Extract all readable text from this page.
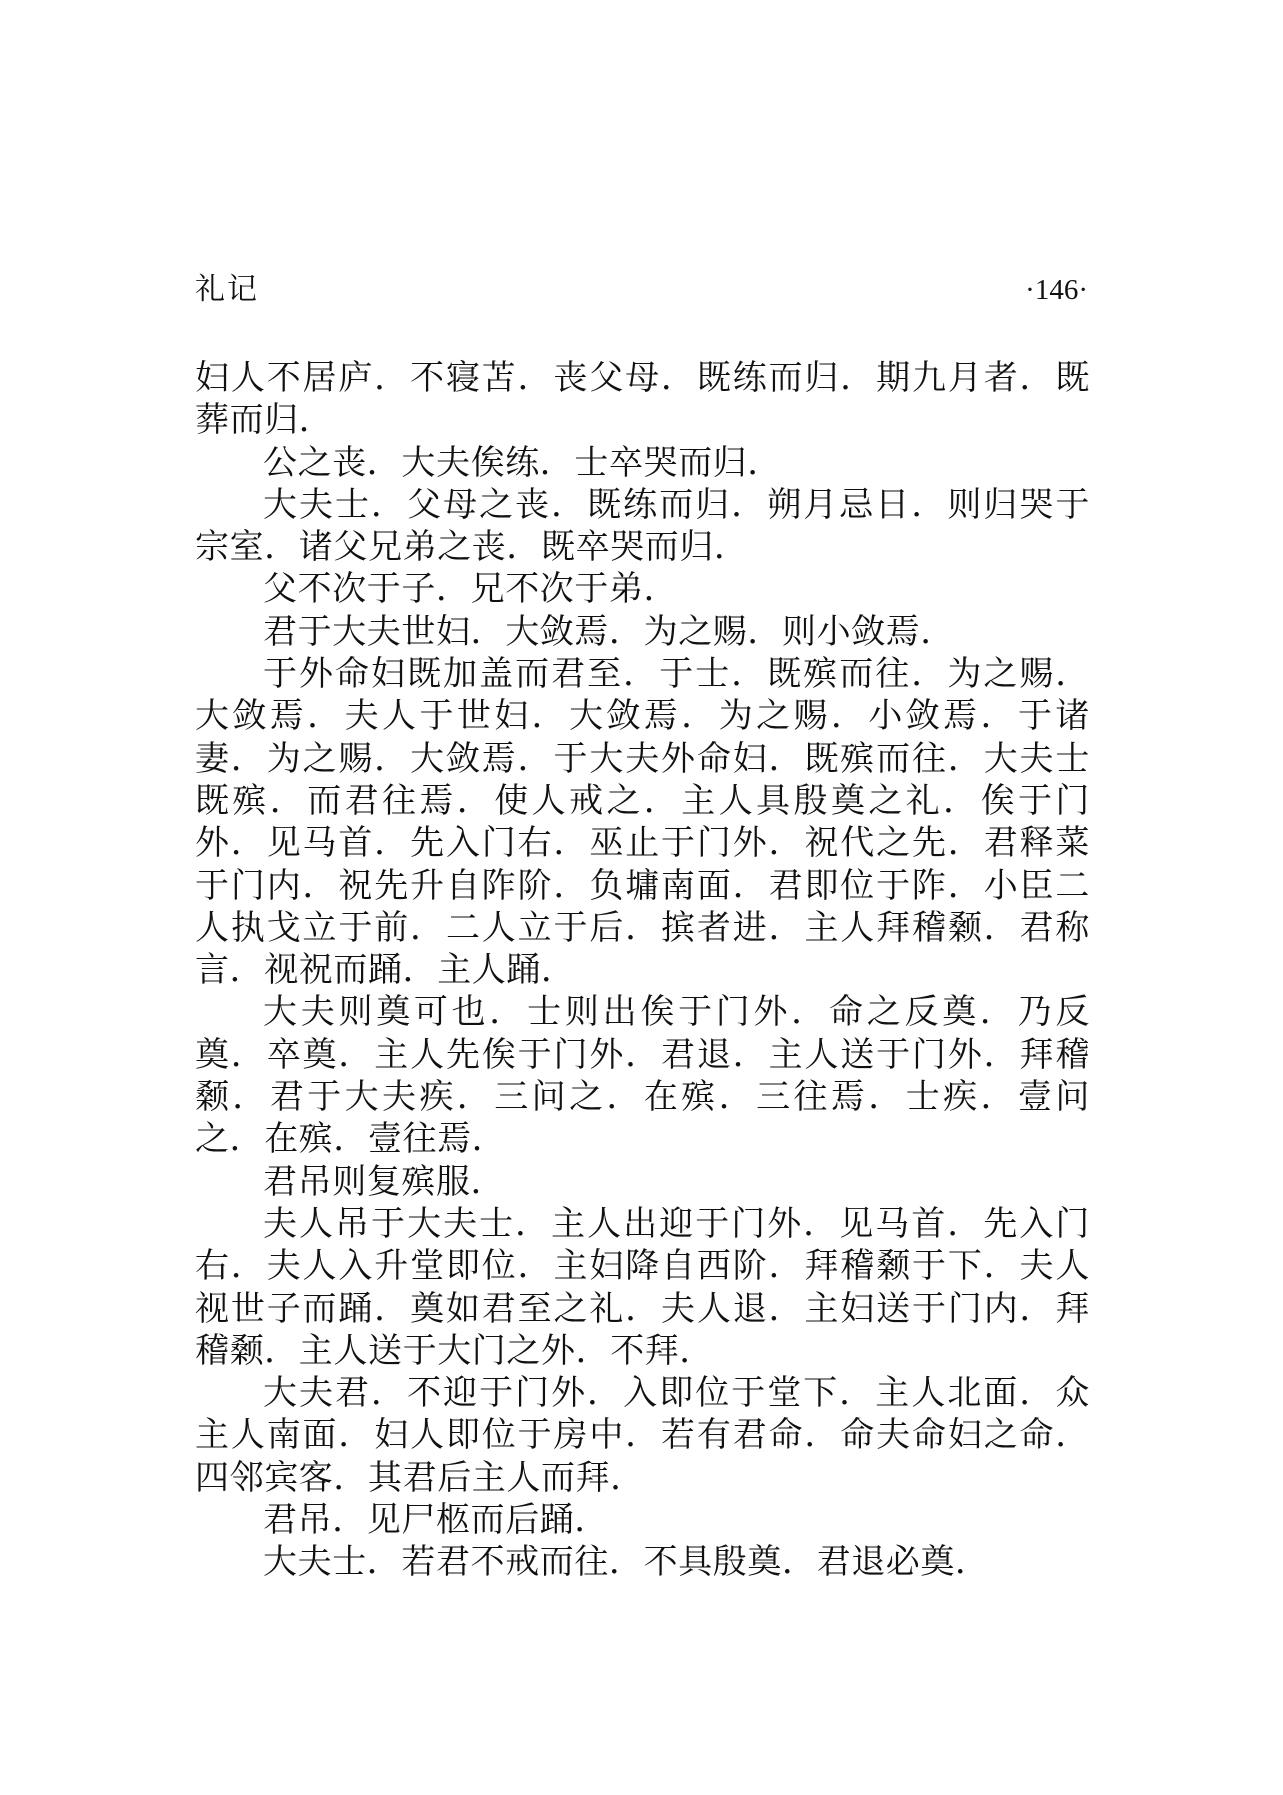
礼记	·146·

妇人不居庐．不寝苫．丧父母．既练而归．期九月者．既葬而归．

公之丧．大夫俟练．士卒哭而归．

大夫士．父母之丧．既练而归．朔月忌日．则归哭于宗室．诸父兄弟之丧．既卒哭而归．

父不次于子．兄不次于弟．

君于大夫世妇．大敛焉．为之赐．则小敛焉．

于外命妇既加盖而君至．于士．既殡而往．为之赐．大敛焉．夫人于世妇．大敛焉．为之赐．小敛焉．于诸妻．为之赐．大敛焉．于大夫外命妇．既殡而往．大夫士既殡．而君往焉．使人戒之．主人具殷奠之礼．俟于门外．见马首．先入门右．巫止于门外．祝代之先．君释菜于门内．祝先升自阼阶．负墉南面．君即位于阼．小臣二人执戈立于前．二人立于后．摈者进．主人拜稽颡．君称言．视祝而踊．主人踊．

大夫则奠可也．士则出俟于门外．命之反奠．乃反奠．卒奠．主人先俟于门外．君退．主人送于门外．拜稽颡．君于大夫疾．三问之．在殡．三往焉．士疾．壹问之．在殡．壹往焉．

君吊则复殡服．

夫人吊于大夫士．主人出迎于门外．见马首．先入门右．夫人入升堂即位．主妇降自西阶．拜稽颡于下．夫人视世子而踊．奠如君至之礼．夫人退．主妇送于门内．拜稽颡．主人送于大门之外．不拜．

大夫君．不迎于门外．入即位于堂下．主人北面．众主人南面．妇人即位于房中．若有君命．命夫命妇之命．四邻宾客．其君后主人而拜．

君吊．见尸柩而后踊．

大夫士．若君不戒而往．不具殷奠．君退必奠．
